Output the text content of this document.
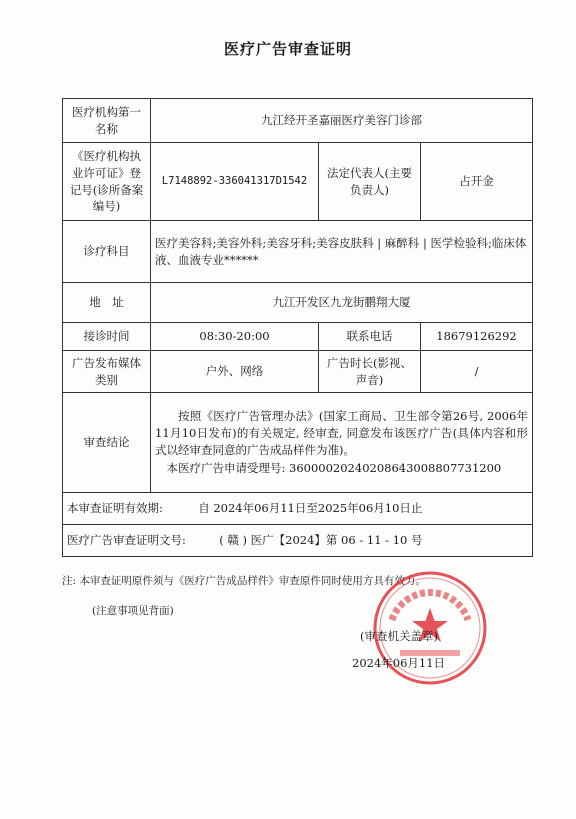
医疗广告审查证明
医疗机构第一名称	九江经开圣嘉丽医疗美容门诊部		
《医疗机构执业许可证》登记号(诊所备案编号)	L7148892-336041317D1542	法定代表人(主要负责人)	占开金
诊疗科目	医疗美容科;美容外科;美容牙科;美容皮肤科 | 麻醉科 | 医学检验科;临床体液、血液专业******		
地　址	九江开发区九龙街鹏翔大厦		
接诊时间	08:30-20:00	联系电话	18679126292
广告发布媒体类别	户外、网络	广告时长(影视、声音)	/
审查结论	按照《医疗广告管理办法》(国家工商局、卫生部令第26号, 2006年11月10日发布)的有关规定, 经审查, 同意发布该医疗广告(具体内容和形式以经审查同意的广告成品样件为准)。
本医疗广告申请受理号: 360000202402086430088077312​00		

本审查证明有效期: 自 2024年06月11日至2025年06月10日止			
医疗广告审查证明文号: ( 赣 ) 医广【2024】第 06 - 11 - 10 号			
注: 本审查证明原件须与《医疗广告成品样件》审查原件同时使用方具有效力。
(注意事项见背面)
(审查机关盖章)
2024年06月11日
